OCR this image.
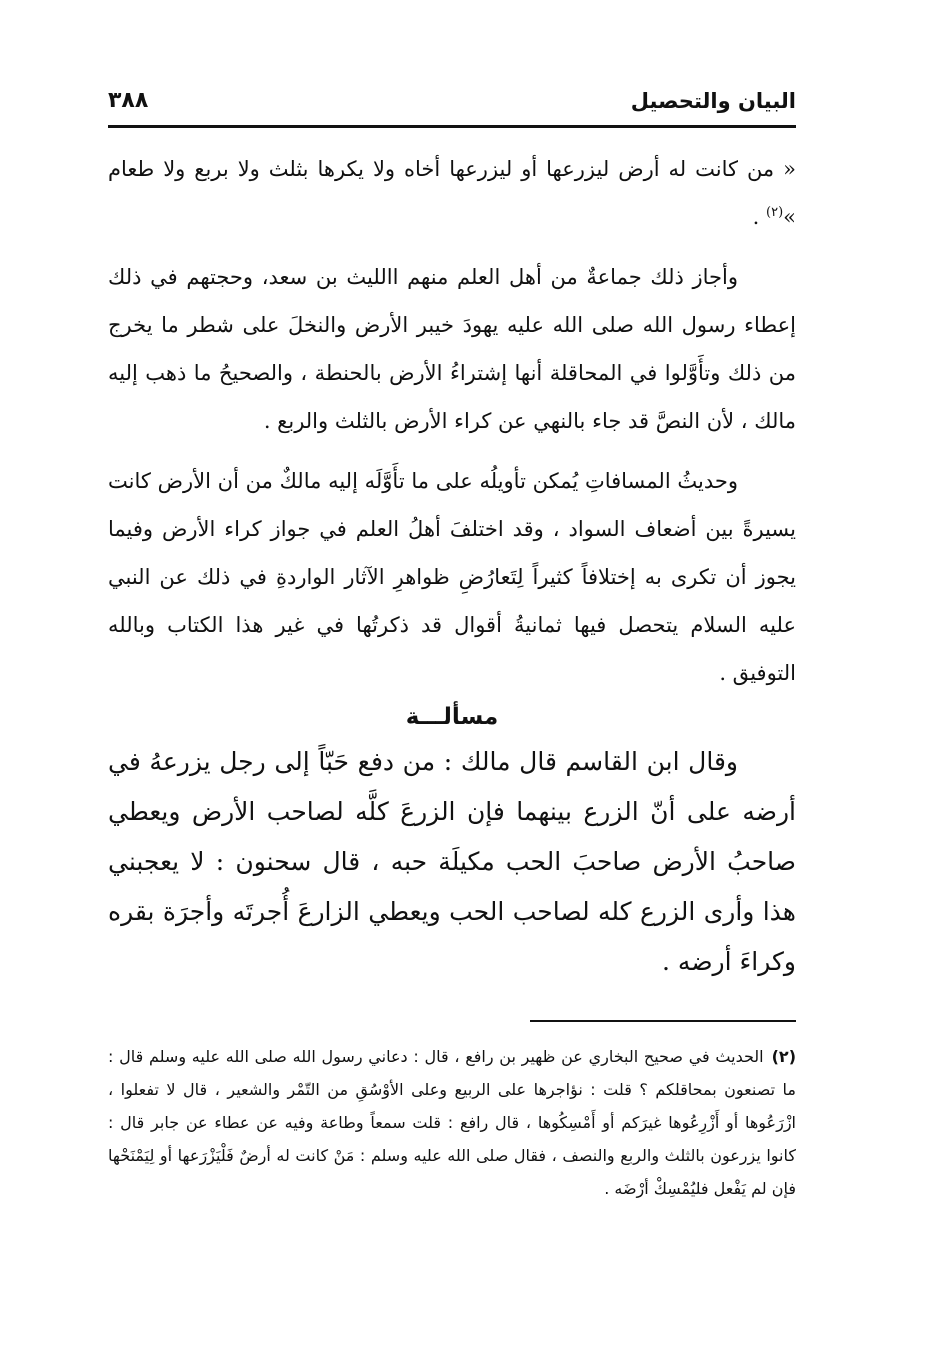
٣٨٨	البيان والتحصيل

« من كانت له أرض ليزرعها أو ليزرعها أخاه ولا يكرها بثلث ولا بربع ولا طعام »$^{(٢)}$ .

وأجاز ذلك جماعةٌ من أهل العلم منهم االليث بن سعد، وحجتهم في ذلك إعطاء رسول الله صلى الله عليه يهودَ خيبر الأرض والنخلَ على شطر ما يخرج من ذلك وتأَوَّلوا في المحاقلة أنها إشتراءُ الأرض بالحنطة ، والصحيحُ ما ذهب إليه مالك ، لأن النصَّ قد جاء بالنهي عن كراء الأرض بالثلث والربع .

وحديثُ المسافاتِ يُمكن تأويلُه على ما تأَوَّلَه إليه مالكٌ من أن الأرض كانت يسيرةً بين أضعاف السواد ، وقد اختلفَ أهلُ العلم في جواز كراء الأرض وفيما يجوز أن تكرى به إختلافاً كثيراً لِتَعارُضِ ظواهرِ الآثار الواردةِ في ذلك عن النبي عليه السلام يتحصل فيها ثمانيةُ أقوال قد ذكرتُها في غير هذا الكتاب وبالله التوفيق .

مسألـــة

وقال ابن القاسم قال مالك : من دفع حَبّاً إلى رجل يزرعهُ في أرضه على أنّ الزرع بينهما فإن الزرعَ كلَّه لصاحب الأرض ويعطي صاحبُ الأرض صاحبَ الحب مكيلَة حبه ، قال سحنون : لا يعجبني هذا وأرى الزرع كله لصاحب الحب ويعطي الزارعَ أُجرتَه وأجرَة بقره وكراءَ أرضه .

(٢)الحديث في صحيح البخاري عن ظهير بن رافع ، قال : دعاني رسول الله صلى الله عليه وسلم قال : ما تصنعون بمحاقلكم ؟ قلت : نؤاجرها على الربيع وعلى الأوْسُقِ من التّمْر والشعير ، قال لا تفعلوا ، ازْرَعُوها أو أَزْرِعُوها غيرَكم أو أَمْسِكُوها ، قال رافع : قلت سمعاً وطاعة وفيه عن عطاء عن جابر قال : كانوا يزرعون بالثلث والربع والنصف ، فقال صلى الله عليه وسلم : مَنْ كانت له أرضٌ فَلْيَزْرَعها أو لِيَمْنَحْها فإن لم يَفْعل فليُمْسِكْ أرْضَه .
